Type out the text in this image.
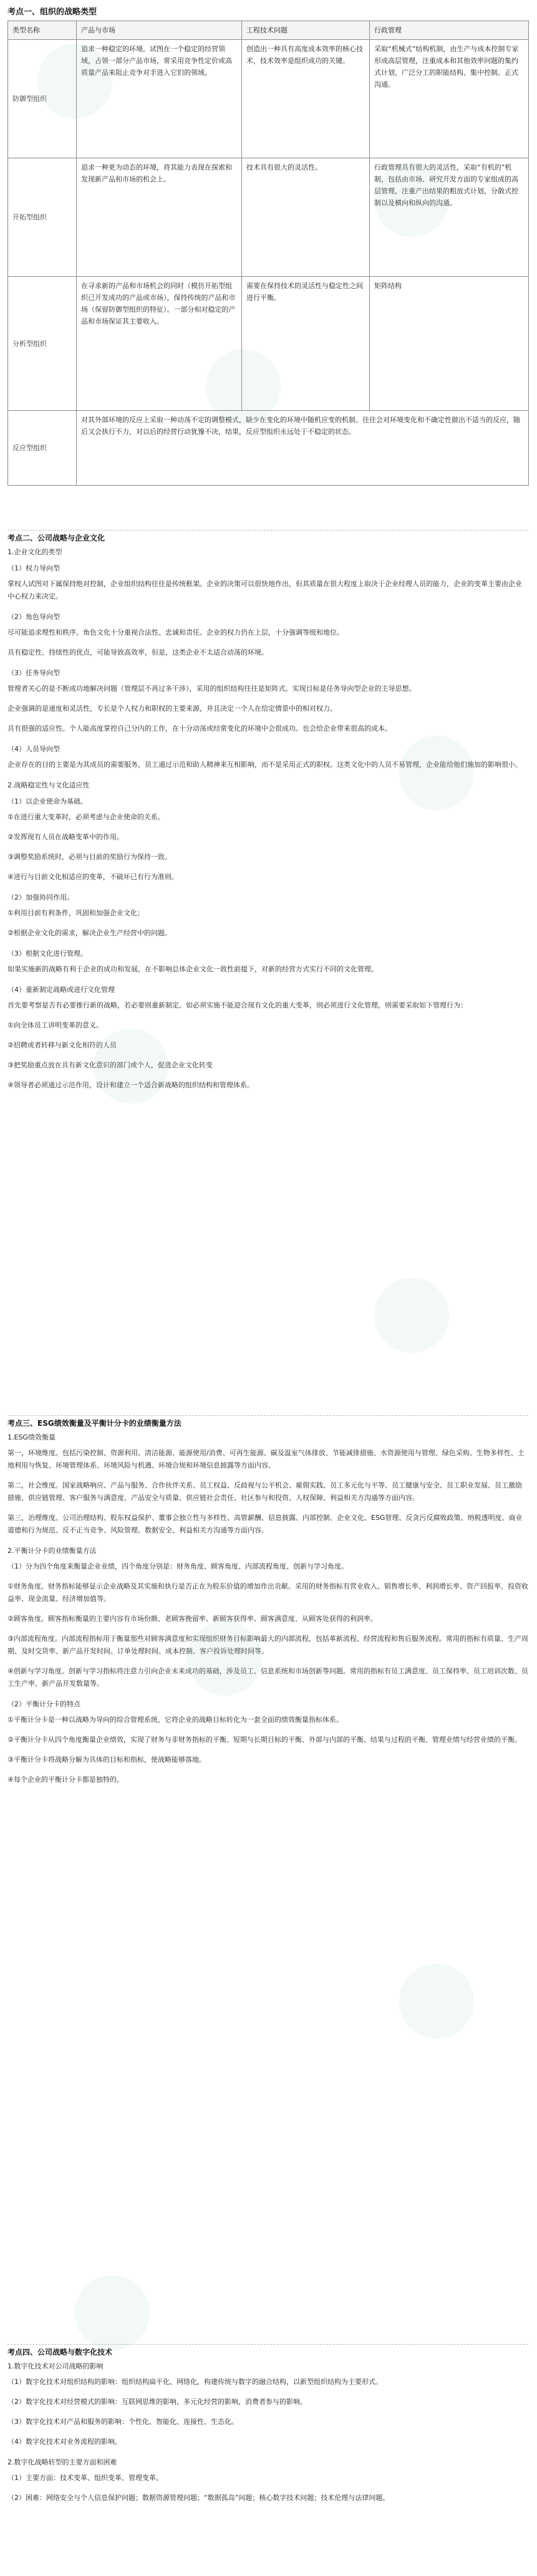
考点一、组织的战略类型
类型名称	产品与市场	工程技术问题	行政管理
防御型组织	追求一种稳定的环境。试图在一个稳定的经营领域，占领一部分产品市场，常采用竞争性定价或高质量产品来阻止竞争对手进入它们的领域。	创造出一种具有高度成本效率的核心技术，技术效率是组织成功的关键。	采取“机械式”结构机制，由生产与成本控制专家形成高层管理，注重成本和其他效率问题的集约式计划，广泛分工的职能结构、集中控制、正式沟通。
开拓型组织	追求一种更为动态的环境，将其能力表现在探索和发现新产品和市场的机会上。	技术具有很大的灵活性。	行政管理具有很大的灵活性，采取“有机的”机制，包括由市场、研究开发方面的专家组成的高层管理，注重产出结果的粗放式计划，分散式控制以及横向和纵向的沟通。
分析型组织	在寻求新的产品和市场机会的同时（模仿开拓型组织已开发成功的产品或市场），保持传统的产品和市场（保留防御型组织的特征）。一部分相对稳定的产品和市场保证其主要收入。	需要在保持技术的灵活性与稳定性之间进行平衡。	矩阵结构
反应型组织	对其外部环境的反应上采取一种动荡不定的调整模式，缺少在变化的环境中随机应变的机制。往往会对环境变化和不确定性做出不适当的反应，随后又会执行不力，对以后的经营行动犹豫不决，结果，反应型组织永远处于不稳定的状态。		
考点二、公司战略与企业文化
1.企业文化的类型
（1）权力导向型
掌权人试图对下属保持绝对控制，企业组织结构往往是传统框架。企业的决策可以很快地作出，但其质量在很大程度上取决于企业经理人员的能力，企业的变革主要由企业中心权力来决定。
（2）角色导向型
尽可能追求理性和秩序。角色文化十分重视合法性、忠诚和责任。企业的权力仍在上层，十分强调等级和地位。
具有稳定性、持续性的优点，可能导致高效率，但是，这类企业不太适合动荡的环境。
（3）任务导向型
管理者关心的是不断成功地解决问题（管理层不再过多干涉），采用的组织结构往往是矩阵式。实现目标是任务导向型企业的主导思想。
企业强调的是速度和灵活性，专长是个人权力和职权的主要来源，并且决定一个人在给定情景中的相对权力。
具有很强的适应性。个人能高度掌控自己分内的工作，在十分动荡或经常变化的环境中会很成功。也会给企业带来很高的成本。
（4）人员导向型
企业存在的目的主要是为其成员的需要服务，员工通过示范和助人精神来互相影响，而不是采用正式的职权。这类文化中的人员不易管理，企业能给他们施加的影响很小。
2.战略稳定性与文化适应性
（1）以企业使命为基础。
①在进行重大变革时，必须考虑与企业使命的关系。
②发挥现有人员在战略变革中的作用。
③调整奖励系统时，必须与目前的奖励行为保持一致。
④进行与目前文化相适应的变革，不破坏已有行为准则。
（2）加强协同作用。
①利用目前有利条件，巩固和加强企业文化；
②根据企业文化的需求，解决企业生产经营中的问题。
（3）根据文化进行管理。
如果实施新的战略有利于企业的成功和发展，在不影响总体企业文化一致性前提下，对新的经营方式实行不同的文化管理。
（4）重新制定战略或进行文化管理
首先要考察是否有必要推行新的战略，若必要则重新制定。如必须实施不能迎合现有文化的重大变革，则必须进行文化管理，则需要采取如下管理行为：
①向全体员工讲明变革的意义。
②招聘或者转移与新文化相符的人员
③把奖励重点放在具有新文化意识的部门或个人，促进企业文化转变
④领导者必须通过示范作用，设计和建立一个适合新战略的组织结构和管理体系。
考点三、ESG绩效衡量及平衡计分卡的业绩衡量方法
1.ESG绩效衡量
第一，环境维度。包括污染控制、资源利用、清洁能源、能源使用/消费、可再生能源、碳及温室气体排放、节能减排措施、水资源使用与管理、绿色采购、生物多样性、土地利用与恢复、环境管理体系、环境风险与机遇、环境合规和环境信息披露等方面内容。
第二，社会维度。国家战略响应、产品与服务、合作伙伴关系、员工权益、反歧视与公平机会、雇佣实践、员工多元化与平等、员工健康与安全、员工职业发展、员工激励措施、供应链管理、客户服务与满意度、产品安全与质量、供应链社会责任、社区参与和投资、人权保障、利益相关方沟通等方面内容。
第三，治理维度。公司治理结构、股东权益保护、董事会独立性与多样性、高管薪酬、信息披露、内部控制、企业文化、ESG管理、反贪污反腐败政策、纳税透明度、商业道德和行为规范、反不正当竞争、风险管理、数据安全、利益相关方沟通等方面内容。
2.平衡计分卡的业绩衡量方法
（1）分为四个角度来衡量企业业绩，四个角度分别是：财务角度、顾客角度、内部流程角度、创新与学习角度。
①财务角度。财务指标能够显示企业战略及其实施和执行是否正在为股东价值的增加作出贡献。采用的财务指标有营业收入、销售增长率、利润增长率、资产回报率、投资收益率、现金流量、经济增加值等。
②顾客角度。顾客指标衡量的主要内容有市场份额、老顾客挽留率、新顾客获得率、顾客满意度、从顾客处获得的利润率。
③内部流程角度。内部流程指标用于衡量那些对顾客满意度和实现组织财务目标影响最大的内部流程，包括革新流程、经营流程和售后服务流程。常用的指标有质量、生产周期、及时交货率、新产品开发时间、订单处理时间、成本控制、客户投诉处理时间等。
④创新与学习角度。创新与学习指标将注意力引向企业未来成功的基础，涉及员工、信息系统和市场创新等问题。常用的指标有员工满意度、员工保持率、员工培训次数、员工生产率、新产品开发数量等。
（2）平衡计分卡的特点
①平衡计分卡是一种以战略为导向的综合管理系统，它将企业的战略目标转化为一套全面的绩效衡量指标体系。
②平衡计分卡从四个角度衡量企业绩效，实现了财务与非财务指标的平衡、短期与长期目标的平衡、外部与内部的平衡、结果与过程的平衡、管理业绩与经营业绩的平衡。
③平衡计分卡将战略分解为具体的目标和指标，使战略能够落地。
④每个企业的平衡计分卡都是独特的。
考点四、公司战略与数字化技术
1.数字化技术对公司战略的影响
（1）数字化技术对组织结构的影响：组织结构扁平化、网络化，构建传统与数字的融合结构，以新型组织结构为主要形式。
（2）数字化技术对经营模式的影响：互联网思维的影响，多元化经营的影响，消费者参与的影响。
（3）数字化技术对产品和服务的影响：个性化、智能化、连接性、生态化。
（4）数字化技术对业务流程的影响。
2.数字化战略转型的主要方面和困难
（1）主要方面：技术变革、组织变革、管理变革。
（2）困难：网络安全与个人信息保护问题；数据资源管理问题；“数据孤岛”问题；核心数字技术问题；技术伦理与法律问题。
